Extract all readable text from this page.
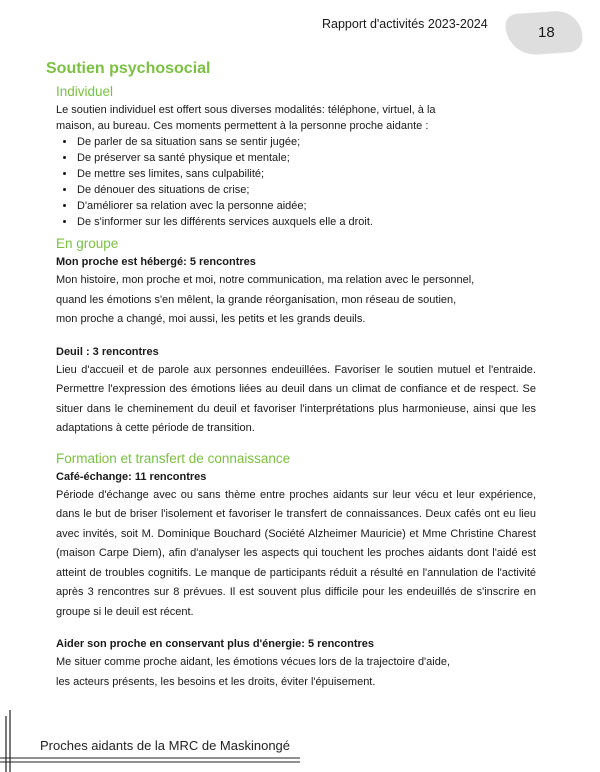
Rapport d'activités 2023-2024	18
Soutien psychosocial
Individuel

Le soutien individuel est offert sous diverses modalités: téléphone, virtuel, à la

maison, au bureau. Ces moments permettent à la personne proche aidante :

• De parler de sa situation sans se sentir jugée;
• De préserver sa santé physique et mentale;
• De mettre ses limites, sans culpabilité;
• De dénouer des situations de crise;
• D'améliorer sa relation avec la personne aidée;
• De s'informer sur les différents services auxquels elle a droit.
En groupe

Mon proche est hébergé: 5 rencontres

Mon histoire, mon proche et moi, notre communication, ma relation avec le personnel,

quand les émotions s'en mêlent, la grande réorganisation, mon réseau de soutien,

mon proche a changé, moi aussi, les petits et les grands deuils.

Deuil : 3 rencontres

Lieu d'accueil et de parole aux personnes endeuillées. Favoriser le soutien mutuel et l'entraide. Permettre l'expression des émotions liées au deuil dans un climat de confiance et de respect. Se situer dans le cheminement du deuil et favoriser l'interprétations plus harmonieuse, ainsi que les adaptations à cette période de transition.

Formation et transfert de connaissance

Café-échange: 11 rencontres

Période d'échange avec ou sans thème entre proches aidants sur leur vécu et leur expérience, dans le but de briser l'isolement et favoriser le transfert de connaissances. Deux cafés ont eu lieu avec invités, soit M. Dominique Bouchard (Société Alzheimer Mauricie) et Mme Christine Charest (maison Carpe Diem), afin d'analyser les aspects qui touchent les proches aidants dont l'aidé est atteint de troubles cognitifs. Le manque de participants réduit a résulté en l'annulation de l'activité après 3 rencontres sur 8 prévues. Il est souvent plus difficile pour les endeuillés de s'inscrire en groupe si le deuil est récent.

Aider son proche en conservant plus d'énergie: 5 rencontres

Me situer comme proche aidant, les émotions vécues lors de la trajectoire d'aide,

les acteurs présents, les besoins et les droits, éviter l'épuisement.

Proches aidants de la MRC de Maskinongé
